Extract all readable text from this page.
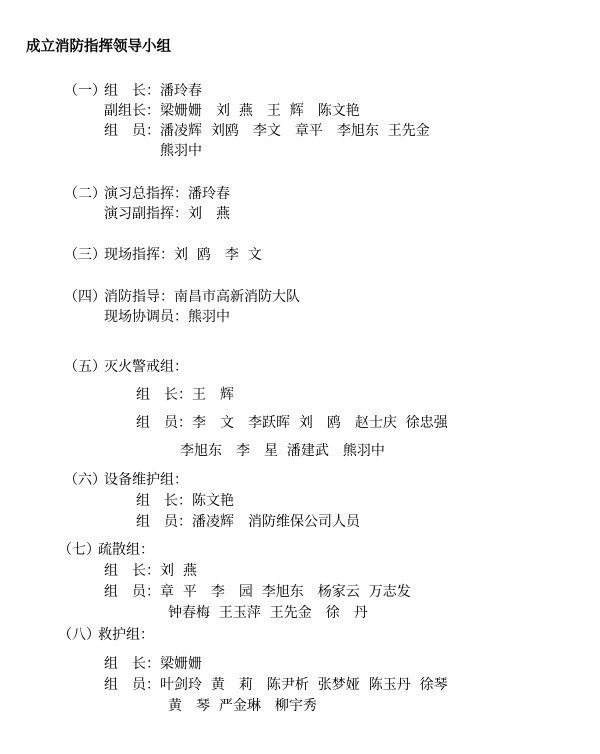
成立消防指挥领导小组
（一）
组　长：潘玲春
副组长：梁姗姗　刘  燕　王  辉　陈文艳
组　员：潘凌辉  刘鸥　李文　章平　李旭东  王先金
　　　　熊羽中
（二）
演习总指挥：潘玲春
演习副指挥：刘　燕
（三）
现场指挥：刘  鸥　李  文
（四）
消防指导：南昌市高新消防大队
现场协调员：熊羽中
（五）
灭火警戒组：
组　长：王　辉
组　员：李　文　李跃晖  刘　鸥　赵士庆  徐忠强
李旭东　李　星  潘建武　熊羽中
（六）
设备维护组：
组　长：陈文艳
组　员：潘凌辉　消防维保公司人员
（七）
疏散组：
组　长：刘  燕
组　员：章  平　李　园  李旭东　杨家云  万志发
钟春梅  王玉萍  王先金　徐　丹
（八）
救护组：
组　长：梁姗姗
组　员：叶剑玲  黄　莉　陈尹析  张梦娅  陈玉丹  徐琴
黄　琴  严金琳　柳宇秀
